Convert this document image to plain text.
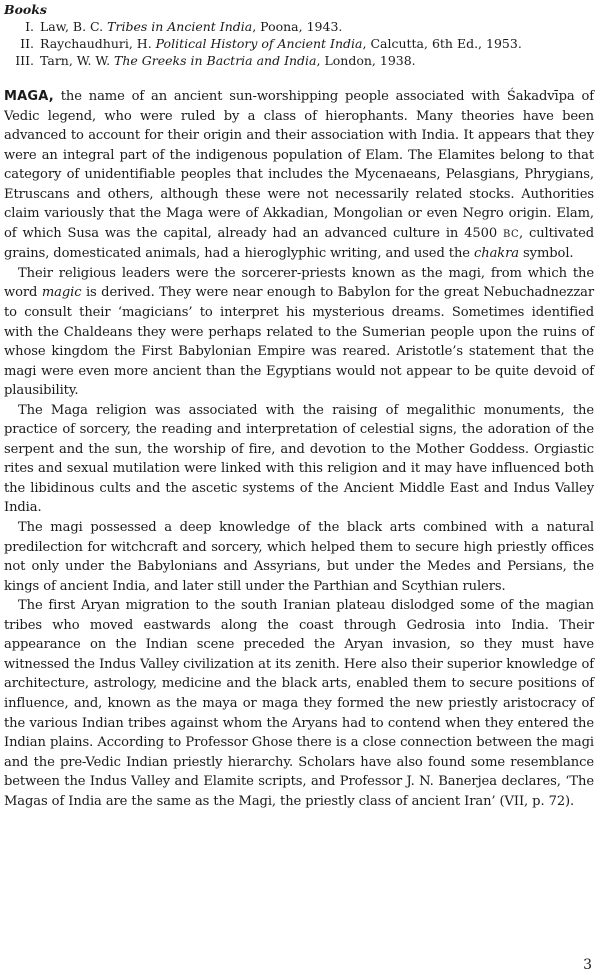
Books
I. Law, B. C. Tribes in Ancient India, Poona, 1943.
II. Raychaudhuri, H. Political History of Ancient India, Calcutta, 6th Ed., 1953.
III. Tarn, W. W. The Greeks in Bactria and India, London, 1938.

MAGA, the name of an ancient sun-worshipping people associated with Śakadvīpa of Vedic legend, who were ruled by a class of hierophants. Many theories have been advanced to account for their origin and their association with India. It appears that they were an integral part of the indigenous population of Elam. The Elamites belong to that category of unidentifiable peoples that includes the Mycenaeans, Pelasgians, Phrygians, Etruscans and others, although these were not necessarily related stocks. Authorities claim variously that the Maga were of Akkadian, Mongolian or even Negro origin. Elam, of which Susa was the capital, already had an advanced culture in 4500 BC, cultivated grains, domesticated animals, had a hieroglyphic writing, and used the chakra symbol.

Their religious leaders were the sorcerer-priests known as the magi, from which the word magic is derived. They were near enough to Babylon for the great Nebuchadnezzar to consult their ‘magicians’ to interpret his mysterious dreams. Sometimes identified with the Chaldeans they were perhaps related to the Sumerian people upon the ruins of whose kingdom the First Babylonian Empire was reared. Aristotle’s statement that the magi were even more ancient than the Egyptians would not appear to be quite devoid of plausibility.

The Maga religion was associated with the raising of megalithic monuments, the practice of sorcery, the reading and interpretation of celestial signs, the adoration of the serpent and the sun, the worship of fire, and devotion to the Mother Goddess. Orgiastic rites and sexual mutilation were linked with this religion and it may have influenced both the libidinous cults and the ascetic systems of the Ancient Middle East and Indus Valley India.

The magi possessed a deep knowledge of the black arts combined with a natural predilection for witchcraft and sorcery, which helped them to secure high priestly offices not only under the Babylonians and Assyrians, but under the Medes and Persians, the kings of ancient India, and later still under the Parthian and Scythian rulers.

The first Aryan migration to the south Iranian plateau dislodged some of the magian tribes who moved eastwards along the coast through Gedrosia into India. Their appearance on the Indian scene preceded the Aryan invasion, so they must have witnessed the Indus Valley civilization at its zenith. Here also their superior knowledge of architecture, astrology, medicine and the black arts, enabled them to secure positions of influence, and, known as the maya or maga they formed the new priestly aristocracy of the various Indian tribes against whom the Aryans had to contend when they entered the Indian plains. According to Professor Ghose there is a close connection between the magi and the pre-Vedic Indian priestly hierarchy. Scholars have also found some resemblance between the Indus Valley and Elamite scripts, and Professor J. N. Banerjea declares, ‘The Magas of India are the same as the Magi, the priestly class of ancient Iran’ (VII, p. 72).

3
